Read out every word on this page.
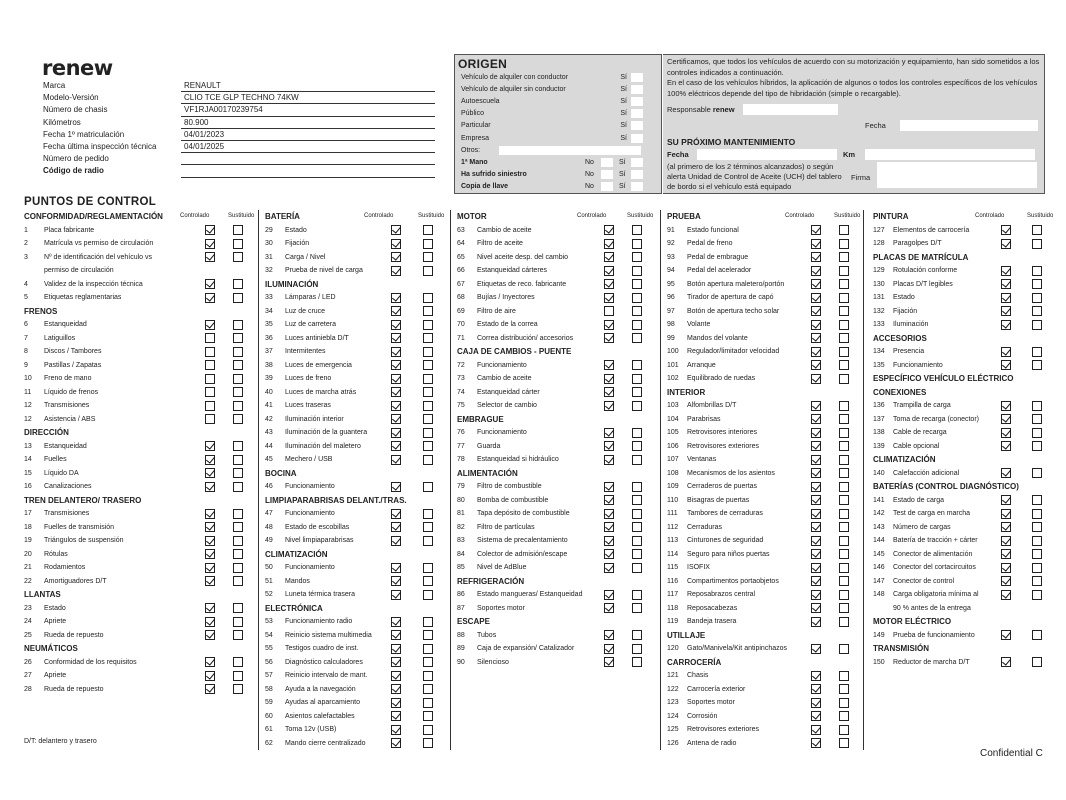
renew
Marca	RENAULT
Modelo-Versión	CLIO TCE GLP TECHNO 74KW
Número de chasis	VF1RJA00170239754
Kilómetros	80.900
Fecha 1º matriculación	04/01/2023
Fecha última inspección técnica	04/01/2025
Número de pedido
Código de radio
ORIGEN
Vehículo de alquiler con conductor	Sí
Vehículo de alquiler sin conductor	Sí
Autoescuela	Sí
Público	Sí
Particular	Sí
Empresa	Sí
Otros:
1ª Mano	No	Sí
Ha sufrido siniestro	No	Sí
Copia de llave	No	Sí

Certificamos, que todos los vehículos de acuerdo con su motorización y equipamiento, han sido sometidos a los controles indicados a continuación.

En el caso de los vehículos híbridos, la aplicación de algunos o todos los controles específicos de los vehículos 100% eléctricos depende del tipo de hibridación (simple o recargable).

Responsable
renew
Fecha
SU PRÓXIMO MANTENIMIENTO
Fecha	Km

(al primero de los 2 términos alcanzados) o según alerta Unidad de Control de Aceite (UCH) del tablero de bordo si el vehículo está equipado

Firma
PUNTOS DE CONTROL
CONFORMIDAD/REGLAMENTACIÓN	Controlado	Sustituido
1	Placa fabricante
2	Matrícula vs permiso de circulación
3	Nº de identificación del vehículo vs
permiso de circulación
4	Validez de la inspección técnica
5	Etiquetas reglamentarias
FRENOS
6	Estanqueidad
7	Latiguillos
8	Discos / Tambores
9	Pastillas / Zapatas
10	Freno de mano
11	Líquido de frenos
12	Transmisiones
12	Asistencia / ABS
DIRECCIÓN
13	Estanqueidad
14	Fuelles
15	Líquido DA
16	Canalizaciones
TREN DELANTERO/ TRASERO
17	Transmisiones
18	Fuelles de transmisión
19	Triángulos de suspensión
20	Rótulas
21	Rodamientos
22	Amortiguadores D/T
LLANTAS
23	Estado
24	Apriete
25	Rueda de repuesto
NEUMÁTICOS
26	Conformidad de los requisitos
27	Apriete
28	Rueda de repuesto
BATERÍA	Controlado	Sustituido
29	Estado
30	Fijación
31	Carga / Nivel
32	Prueba de nivel de carga
ILUMINACIÓN
33	Lámparas / LED
34	Luz de cruce
35	Luz de carretera
36	Luces antiniebla D/T
37	Intermitentes
38	Luces de emergencia
39	Luces de freno
40	Luces de marcha atrás
41	Luces traseras
42	Iluminación interior
43	Iluminación de la guantera
44	Iluminación del maletero
45	Mechero / USB
BOCINA
46	Funcionamiento
LIMPIAPARABRISAS DELANT./TRAS.
47	Funcionamiento
48	Estado de escobillas
49	Nivel limpiaparabrisas
CLIMATIZACIÓN
50	Funcionamiento
51	Mandos
52	Luneta térmica trasera
ELECTRÓNICA
53	Funcionamiento radio
54	Reinicio sistema multimedia
55	Testigos cuadro de inst.
56	Diagnóstico calculadores
57	Reinicio intervalo de mant.
58	Ayuda a la navegación
59	Ayudas al aparcamiento
60	Asientos calefactables
61	Toma 12v (USB)
62	Mando cierre centralizado
MOTOR	Controlado	Sustituido
63	Cambio de aceite
64	Filtro de aceite
65	Nivel aceite desp. del cambio
66	Estanqueidad cárteres
67	Etiquetas de reco. fabricante
68	Bujías / Inyectores
69	Filtro de aire
70	Estado de la correa
71	Correa distribución/ accesorios
CAJA DE CAMBIOS - PUENTE
72	Funcionamiento
73	Cambio de aceite
74	Estanqueidad cárter
75	Selector de cambio
EMBRAGUE
76	Funcionamiento
77	Guarda
78	Estanqueidad si hidráulico
ALIMENTACIÓN
79	Filtro de combustible
80	Bomba de combustible
81	Tapa depósito de combustible
82	Filtro de partículas
83	Sistema de precalentamiento
84	Colector de admisión/escape
85	Nivel de AdBlue
REFRIGERACIÓN
86	Estado mangueras/ Estanqueidad
87	Soportes motor
ESCAPE
88	Tubos
89	Caja de expansión/ Catalizador
90	Silencioso
PRUEBA	Controlado	Sustituido
91	Estado funcional
92	Pedal de freno
93	Pedal de embrague
94	Pedal del acelerador
95	Botón apertura maletero/portón
96	Tirador de apertura de capó
97	Botón de apertura techo solar
98	Volante
99	Mandos del volante
100	Regulador/limitador velocidad
101	Arranque
102	Equilibrado de ruedas
INTERIOR
103	Alfombrillas D/T
104	Parabrisas
105	Retrovisores interiores
106	Retrovisores exteriores
107	Ventanas
108	Mecanismos de los asientos
109	Cerraderos de puertas
110	Bisagras de puertas
111	Tambores de cerraduras
112	Cerraduras
113	Cinturones de seguridad
114	Seguro para niños puertas
115	ISOFIX
116	Compartimentos portaobjetos
117	Reposabrazos central
118	Reposacabezas
119	Bandeja trasera
UTILLAJE
120	Gato/Manivela/Kit antipinchazos
CARROCERÍA
121	Chasis
122	Carrocería exterior
123	Soportes motor
124	Corrosión
125	Retrovisores exteriores
126	Antena de radio
PINTURA	Controlado	Sustituido
127	Elementos de carrocería
128	Paragolpes D/T
PLACAS DE MATRÍCULA
129	Rotulación conforme
130	Placas D/T legibles
131	Estado
132	Fijación
133	Iluminación
ACCESORIOS
134	Presencia
135	Funcionamiento
ESPECÍFICO VEHÍCULO ELÉCTRICO
CONEXIONES
136	Trampilla de carga
137	Toma de recarga (conector)
138	Cable de recarga
139	Cable opcional
CLIMATIZACIÓN
140	Calefacción adicional
BATERÍAS (CONTROL DIAGNÓSTICO)
141	Estado de carga
142	Test de carga en marcha
143	Número de cargas
144	Batería de tracción + cárter
145	Conector de alimentación
146	Conector del cortacircuitos
147	Conector de control
148	Carga obligatoria mínima al
90 % antes de la entrega
MOTOR ELÉCTRICO
149	Prueba de funcionamiento
TRANSMISIÓN
150	Reductor de marcha D/T
D/T: delantero y trasero
Confidential C
